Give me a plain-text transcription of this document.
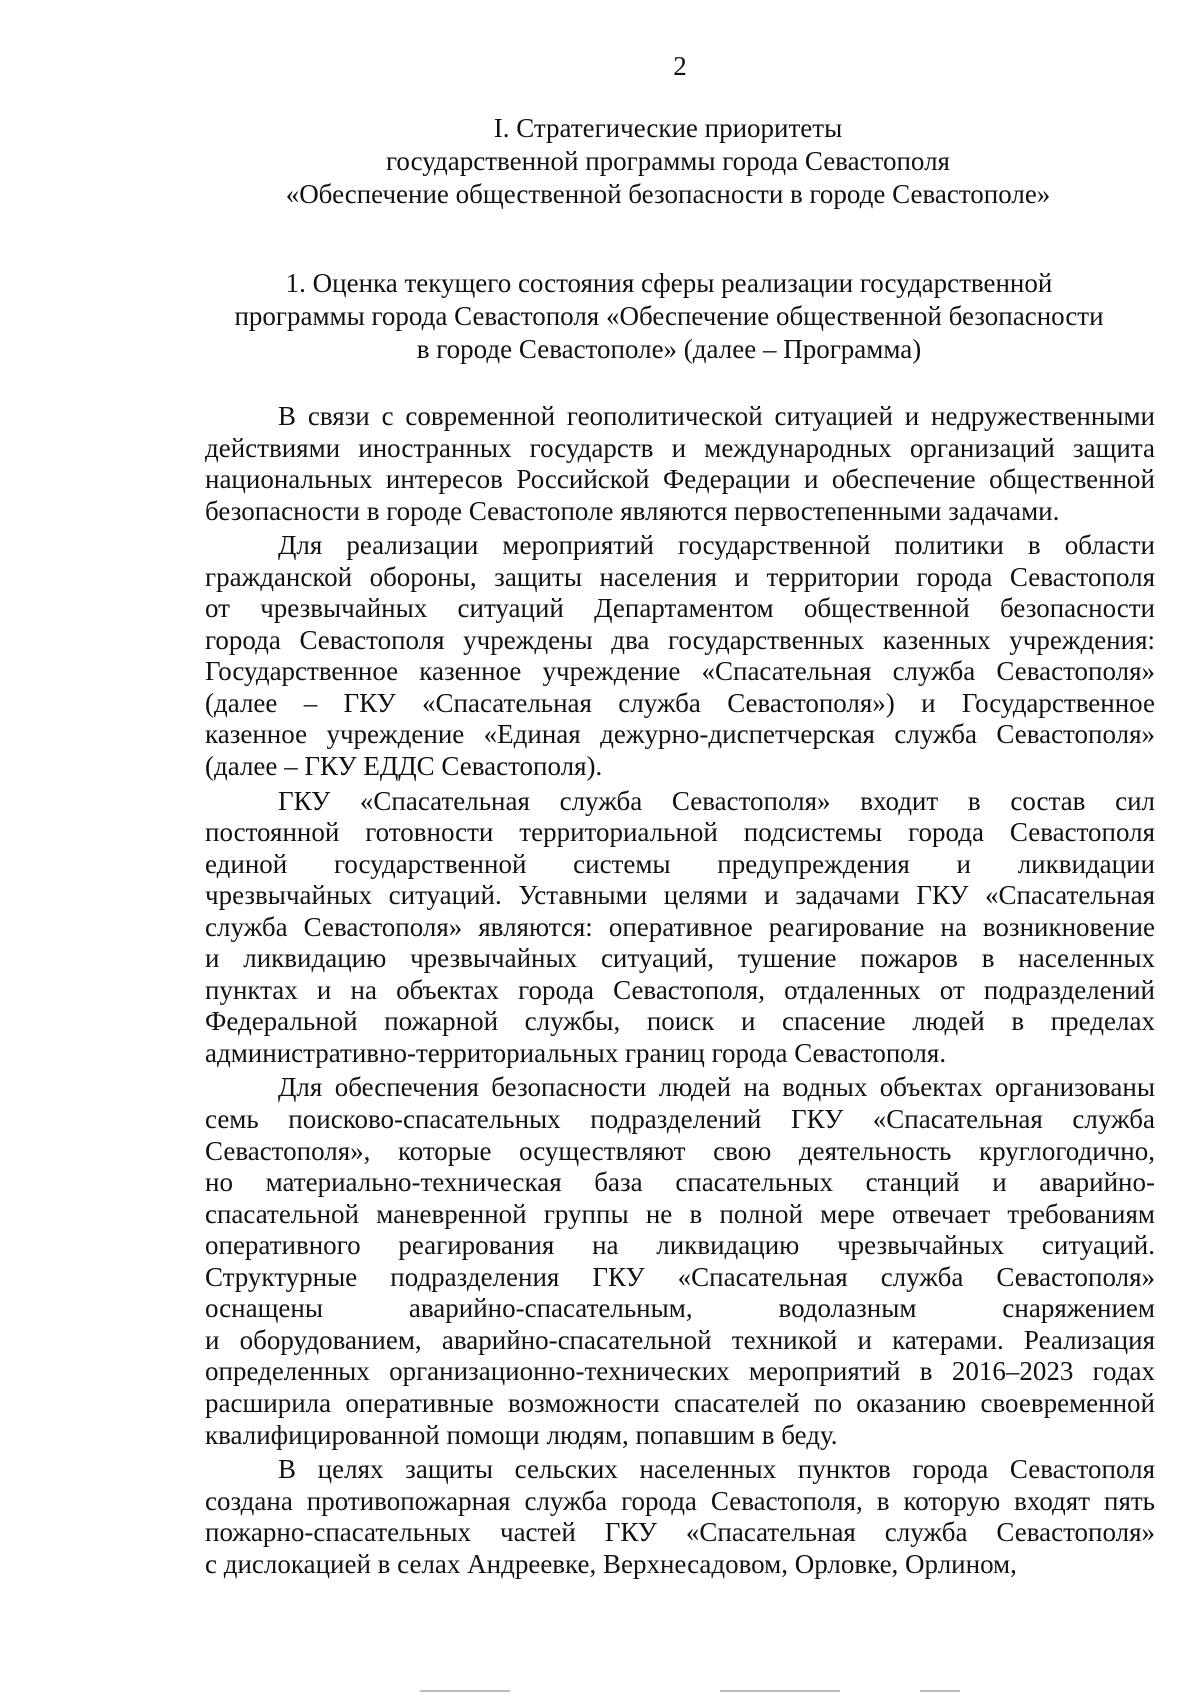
2
I. Стратегические приоритеты
государственной программы города Севастополя
«Обеспечение общественной безопасности в городе Севастополе»
1. Оценка текущего состояния сферы реализации государственной
программы города Севастополя «Обеспечение общественной безопасности
в городе Севастополе» (далее – Программа)

В связи с современной геополитической ситуацией и недружественными
действиями иностранных государств и международных организаций защита
национальных интересов Российской Федерации и обеспечение общественной
безопасности в городе Севастополе являются первостепенными задачами.

Для реализации мероприятий государственной политики в области
гражданской обороны, защиты населения и территории города Севастополя
от чрезвычайных ситуаций Департаментом общественной безопасности
города Севастополя учреждены два государственных казенных учреждения:
Государственное казенное учреждение «Спасательная служба Севастополя»
(далее – ГКУ «Спасательная служба Севастополя») и Государственное
казенное учреждение «Единая дежурно-диспетчерская служба Севастополя»
(далее – ГКУ ЕДДС Севастополя).

ГКУ «Спасательная служба Севастополя» входит в состав сил
постоянной готовности территориальной подсистемы города Севастополя
единой государственной системы предупреждения и ликвидации
чрезвычайных ситуаций. Уставными целями и задачами ГКУ «Спасательная
служба Севастополя» являются: оперативное реагирование на возникновение
и ликвидацию чрезвычайных ситуаций, тушение пожаров в населенных
пунктах и на объектах города Севастополя, отдаленных от подразделений
Федеральной пожарной службы, поиск и спасение людей в пределах
административно-территориальных границ города Севастополя.

Для обеспечения безопасности людей на водных объектах организованы
семь поисково-спасательных подразделений ГКУ «Спасательная служба
Севастополя», которые осуществляют свою деятельность круглогодично,
но материально-техническая база спасательных станций и аварийно-
спасательной маневренной группы не в полной мере отвечает требованиям
оперативного реагирования на ликвидацию чрезвычайных ситуаций.
Структурные подразделения ГКУ «Спасательная служба Севастополя»
оснащены аварийно-спасательным, водолазным снаряжением
и оборудованием, аварийно-спасательной техникой и катерами. Реализация
определенных организационно-технических мероприятий в 2016–2023 годах
расширила оперативные возможности спасателей по оказанию своевременной
квалифицированной помощи людям, попавшим в беду.

В целях защиты сельских населенных пунктов города Севастополя
создана противопожарная служба города Севастополя, в которую входят пять
пожарно-спасательных частей ГКУ «Спасательная служба Севастополя»
с дислокацией в селах Андреевке, Верхнесадовом, Орловке, Орлином,
